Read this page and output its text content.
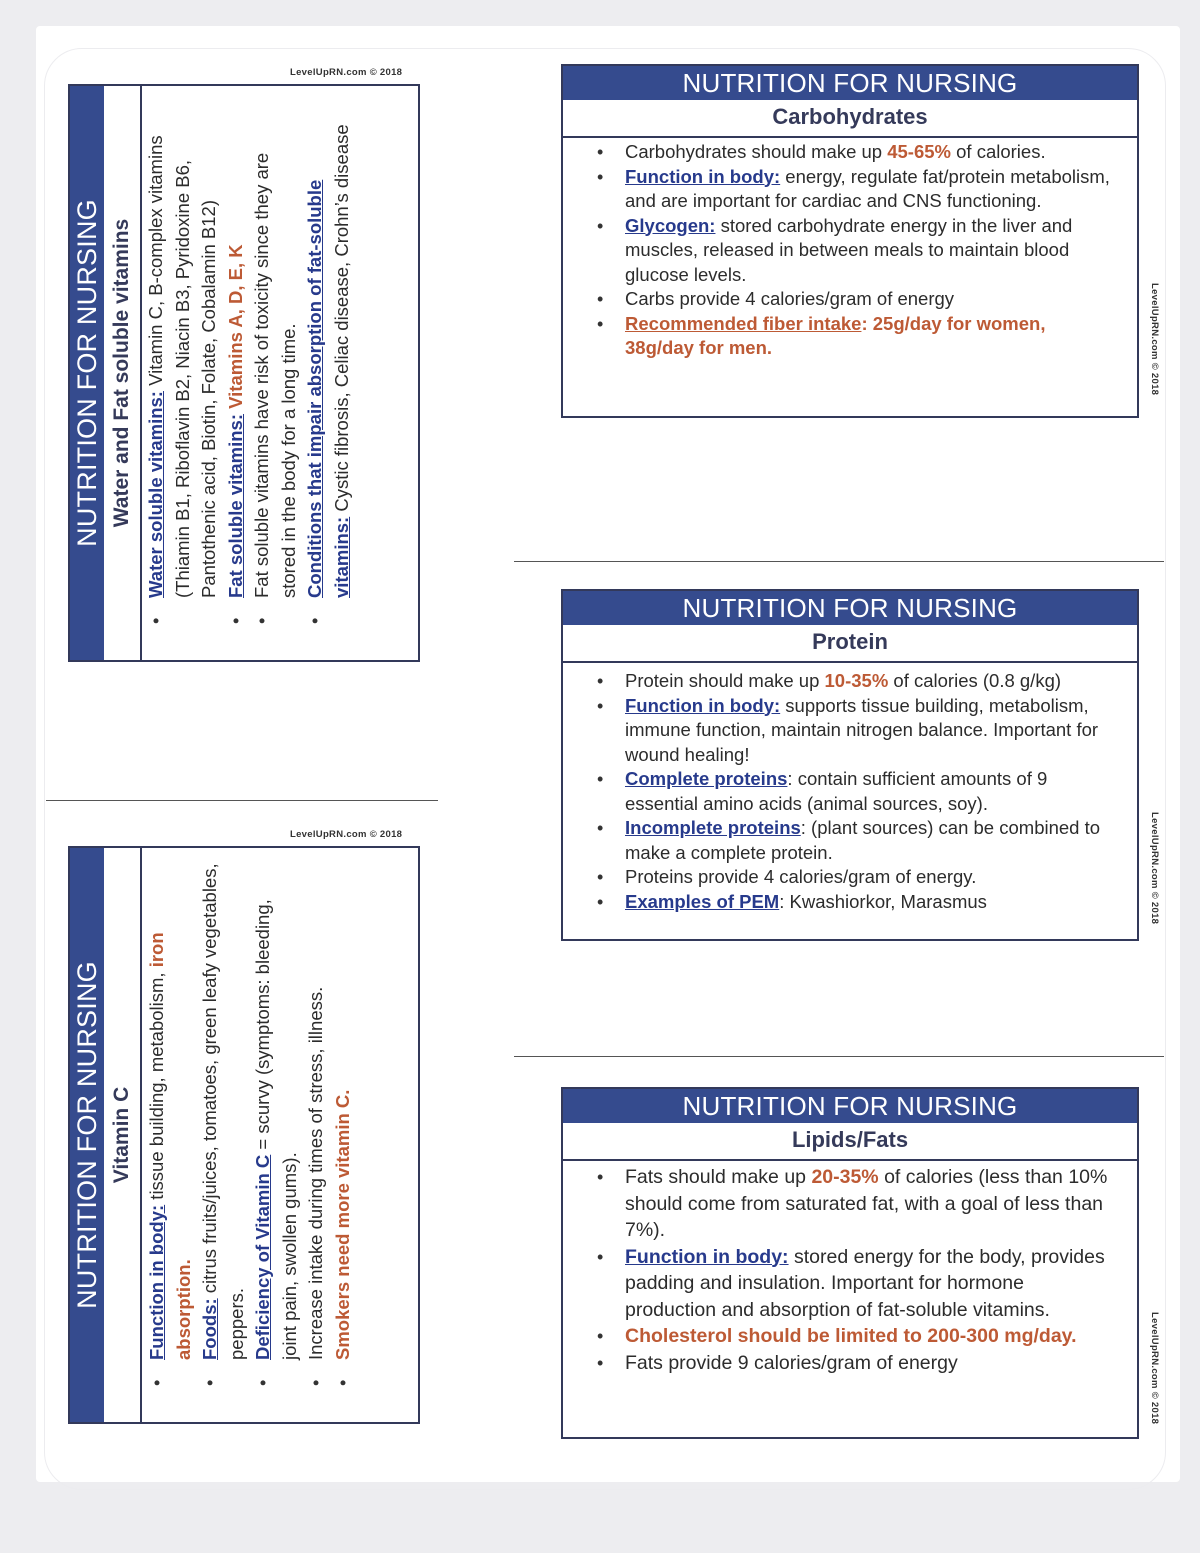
LevelUpRN.com © 2018
NUTRITION FOR NURSING Water and Fat soluble vitamins • Water soluble vitamins: Vitamin C, B-complex vitamins (Thiamin B1, Riboflavin B2, Niacin B3, Pyridoxine B6, Pantothenic acid, Biotin, Folate, Cobalamin B12) • Fat soluble vitamins: Vitamins A, D, E, K • Fat soluble vitamins have risk of toxicity since they are stored in the body for a long time. • Conditions that impair absorption of fat-soluble vitamins: Cystic fibrosis, Celiac disease, Crohn’s disease
LevelUpRN.com © 2018
NUTRITION FOR NURSING Vitamin C
• Function in body: tissue building, metabolism, iron absorption. • Foods: citrus fruits/juices, tomatoes, green leafy vegetables, peppers. • Deficiency of Vitamin C = scurvy (symptoms: bleeding, joint pain, swollen gums). • Increase intake during times of stress, illness. • Smokers need more vitamin C.
NUTRITION FOR NURSING
Carbohydrates
• Carbohydrates should make up 45-65% of calories.
• Function in body: energy, regulate fat/protein metabolism, and are important for cardiac and CNS functioning.
• Glycogen: stored carbohydrate energy in the liver and muscles, released in between meals to maintain blood glucose levels.
• Carbs provide 4 calories/gram of energy
• Recommended fiber intake: 25g/day for women, 38g/day for men.	LevelUpRN.com © 2018
NUTRITION FOR NURSING
Protein
• Protein should make up 10-35% of calories (0.8 g/kg)
• Function in body: supports tissue building, metabolism, immune function, maintain nitrogen balance. Important for wound healing!
• Complete proteins: contain sufficient amounts of 9 essential amino acids (animal sources, soy).
• Incomplete proteins: (plant sources) can be combined to make a complete protein.
• Proteins provide 4 calories/gram of energy.
• Examples of PEM: Kwashiorkor, Marasmus	LevelUpRN.com © 2018
NUTRITION FOR NURSING
Lipids/Fats
• Fats should make up 20-35% of calories (less than 10% should come from saturated fat, with a goal of less than 7%).
• Function in body: stored energy for the body, provides padding and insulation. Important for hormone production and absorption of fat-soluble vitamins.
• Cholesterol should be limited to 200-300 mg/day.
• Fats provide 9 calories/gram of energy	LevelUpRN.com © 2018
